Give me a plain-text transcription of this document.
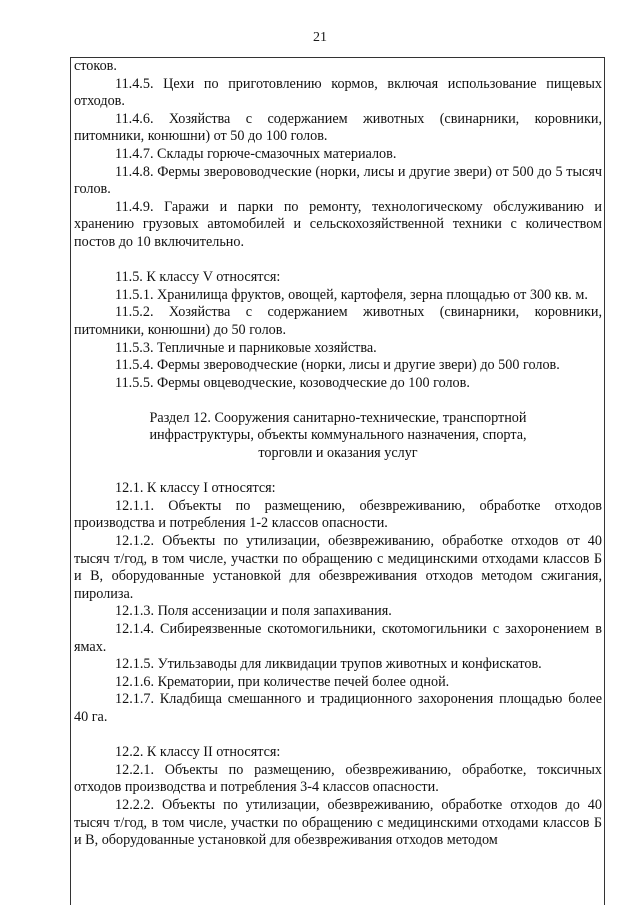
21

стоков.

11.4.5. Цехи по приготовлению кормов, включая использование пищевых отходов.

11.4.6. Хозяйства с содержанием животных (свинарники, коровники, питомники, конюшни) от 50 до 100 голов.

11.4.7. Склады горюче-смазочных материалов.

11.4.8. Фермы зверововодческие (норки, лисы и другие звери) от 500 до 5 тысяч голов.

11.4.9. Гаражи и парки по ремонту, технологическому обслуживанию и хранению грузовых автомобилей и сельскохозяйственной техники с количеством постов до 10 включительно.

11.5. К классу V относятся:

11.5.1. Хранилища фруктов, овощей, картофеля, зерна площадью от 300 кв. м.

11.5.2. Хозяйства с содержанием животных (свинарники, коровники, питомники, конюшни) до 50 голов.

11.5.3. Тепличные и парниковые хозяйства.

11.5.4. Фермы звероводческие (норки, лисы и другие звери) до 500 голов.

11.5.5. Фермы овцеводческие, козоводческие до 100 голов.

Раздел 12. Сооружения санитарно-технические, транспортной инфраструктуры, объекты коммунального назначения, спорта, торговли и оказания услуг

12.1. К классу I относятся:

12.1.1. Объекты по размещению, обезвреживанию, обработке отходов производства и потребления 1-2 классов опасности.

12.1.2. Объекты по утилизации, обезвреживанию, обработке отходов от 40 тысяч т/год, в том числе, участки по обращению с медицинскими отходами классов Б и В, оборудованные установкой для обезвреживания отходов методом сжигания, пиролиза.

12.1.3. Поля ассенизации и поля запахивания.

12.1.4. Сибиреязвенные скотомогильники, скотомогильники с захоронением в ямах.

12.1.5. Утильзаводы для ликвидации трупов животных и конфискатов.

12.1.6. Крематории, при количестве печей более одной.

12.1.7. Кладбища смешанного и традиционного захоронения площадью более 40 га.

12.2. К классу II относятся:

12.2.1. Объекты по размещению, обезвреживанию, обработке, токсичных отходов производства и потребления 3-4 классов опасности.

12.2.2. Объекты по утилизации, обезвреживанию, обработке отходов до 40 тысяч т/год, в том числе, участки по обращению с медицинскими отходами классов Б и В, оборудованные установкой для обезвреживания отходов методом
